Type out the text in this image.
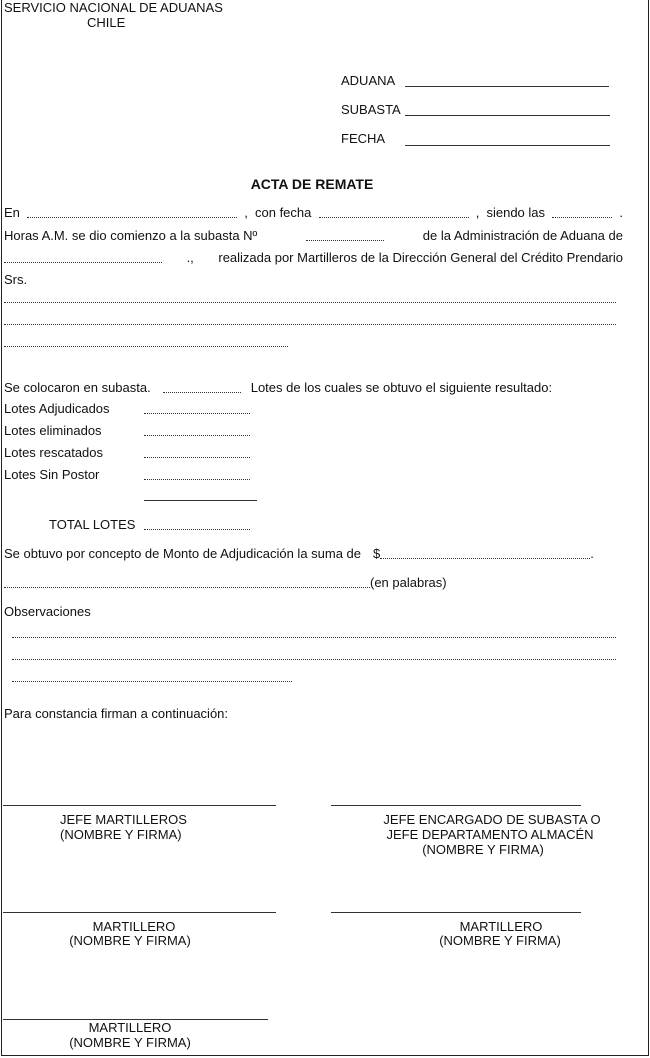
SERVICIO NACIONAL DE ADUANAS
CHILE
ADUANA
SUBASTA
FECHA
ACTA DE REMATE
En	, con fecha	, siendo las	.
Horas A.M. se dio comienzo a la subasta Nº	de la Administración de Aduana de
., realizada por Martilleros de la Dirección General del Crédito Prendario
Srs.
Se colocaron en subasta.	Lotes de los cuales se obtuvo el siguiente resultado:
Lotes Adjudicados
Lotes eliminados
Lotes rescatados
Lotes Sin Postor
TOTAL LOTES
Se obtuvo por concepto de Monto de Adjudicación la suma de $	.
(en palabras)
Observaciones
Para constancia firman a continuación:
JEFE MARTILLEROS
(NOMBRE Y FIRMA)
JEFE ENCARGADO DE SUBASTA O
JEFE DEPARTAMENTO ALMACÉN
(NOMBRE Y FIRMA)
MARTILLERO
(NOMBRE Y FIRMA)
MARTILLERO
(NOMBRE Y FIRMA)
MARTILLERO
(NOMBRE Y FIRMA)
